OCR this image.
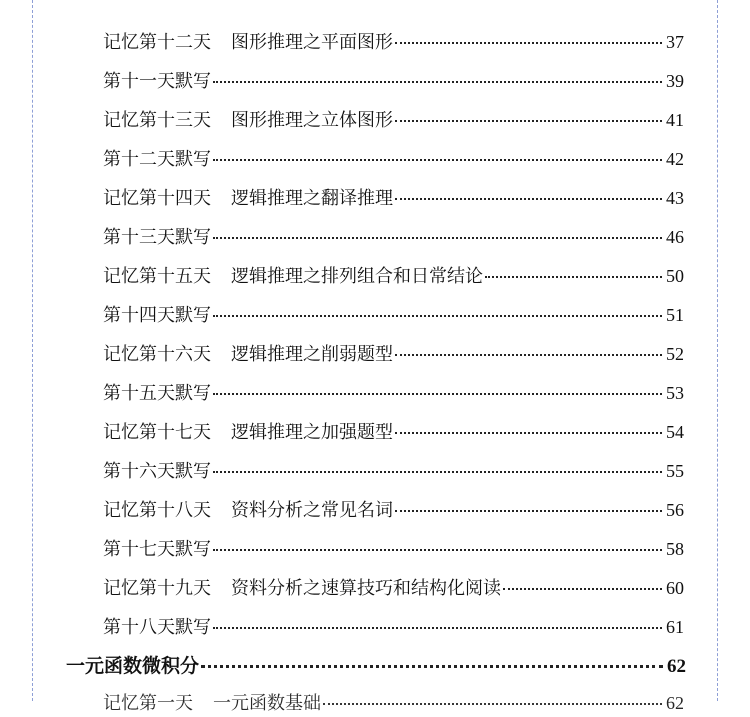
记忆第十二天 图形推理之平面图形	37
第十一天默写	39
记忆第十三天 图形推理之立体图形	41
第十二天默写	42
记忆第十四天 逻辑推理之翻译推理	43
第十三天默写	46
记忆第十五天 逻辑推理之排列组合和日常结论	50
第十四天默写	51
记忆第十六天 逻辑推理之削弱题型	52
第十五天默写	53
记忆第十七天 逻辑推理之加强题型	54
第十六天默写	55
记忆第十八天 资料分析之常见名词	56
第十七天默写	58
记忆第十九天 资料分析之速算技巧和结构化阅读	60
第十八天默写	61
一元函数微积分	62
记忆第一天 一元函数基础	62
